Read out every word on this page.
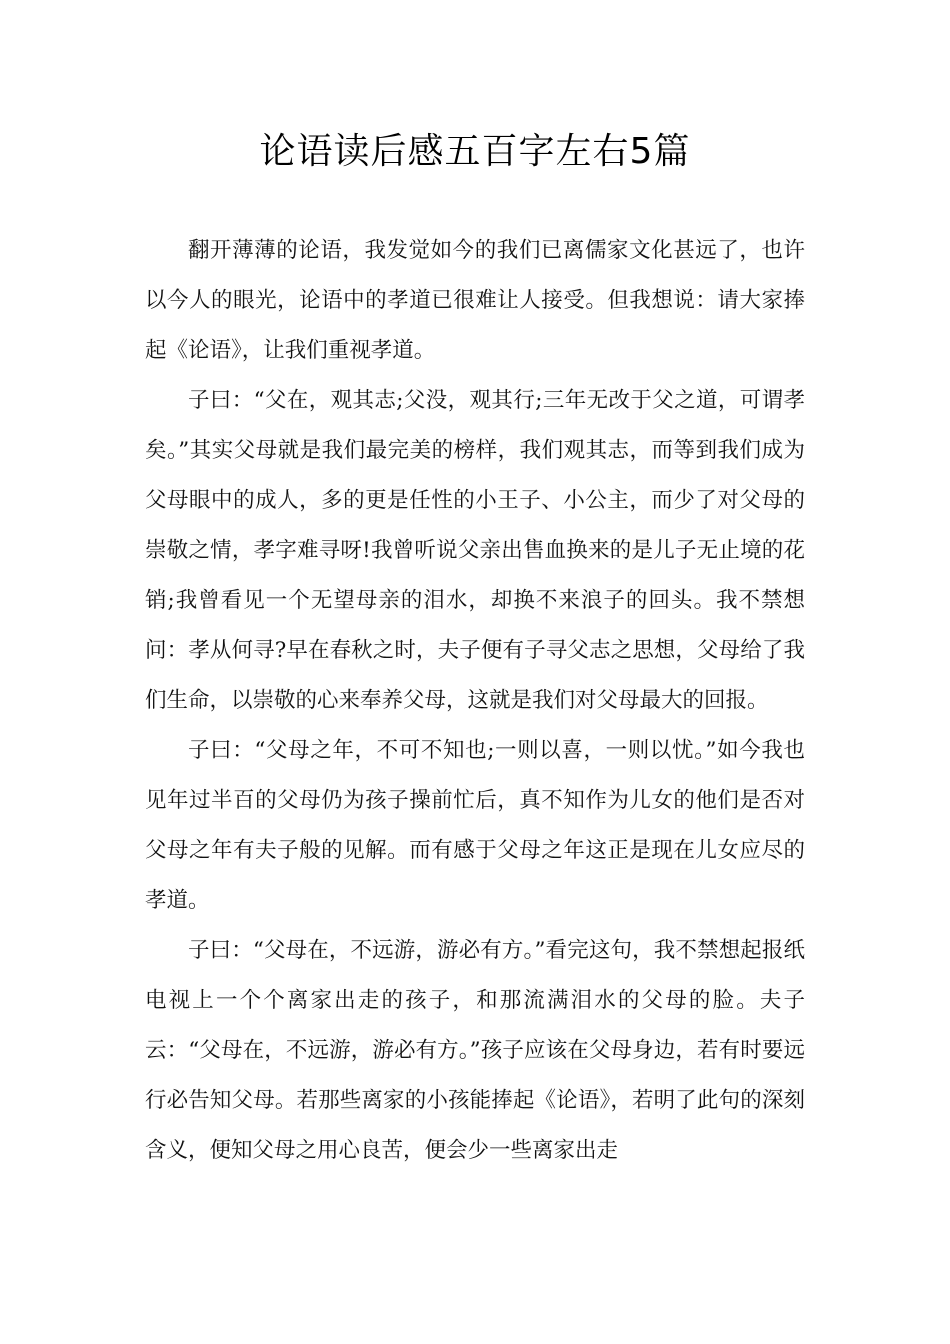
论语读后感五百字左右5篇

翻开薄薄的论语，我发觉如今的我们已离儒家文化甚远了，也许以今人的眼光，论语中的孝道已很难让人接受。但我想说：请大家捧起《论语》，让我们重视孝道。

子曰：“父在，观其志;父没，观其行;三年无改于父之道，可谓孝矣。”其实父母就是我们最完美的榜样，我们观其志，而等到我们成为父母眼中的成人，多的更是任性的小王子、小公主，而少了对父母的崇敬之情，孝字难寻呀!我曾听说父亲出售血换来的是儿子无止境的花销;我曾看见一个无望母亲的泪水，却换不来浪子的回头。我不禁想问：孝从何寻?早在春秋之时，夫子便有子寻父志之思想，父母给了我们生命，以崇敬的心来奉养父母，这就是我们对父母最大的回报。

子曰：“父母之年，不可不知也;一则以喜，一则以忧。”如今我也见年过半百的父母仍为孩子操前忙后，真不知作为儿女的他们是否对父母之年有夫子般的见解。而有感于父母之年这正是现在儿女应尽的孝道。

子曰：“父母在，不远游，游必有方。”看完这句，我不禁想起报纸电视上一个个离家出走的孩子，和那流满泪水的父母的脸。夫子云：“父母在，不远游，游必有方。”孩子应该在父母身边，若有时要远行必告知父母。若那些离家的小孩能捧起《论语》，若明了此句的深刻含义，便知父母之用心良苦，便会少一些离家出走
